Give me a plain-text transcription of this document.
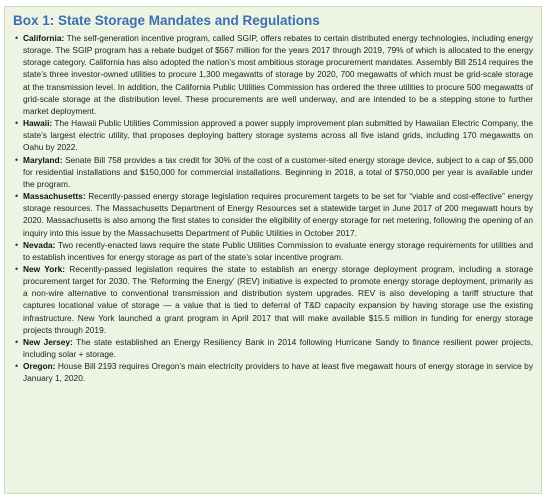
Box 1: State Storage Mandates and Regulations
• California: The self-generation incentive program, called SGIP, offers rebates to certain distributed energy technologies, including energy storage. The SGIP program has a rebate budget of $567 million for the years 2017 through 2019, 79% of which is allocated to the energy storage category. California has also adopted the nation’s most ambitious storage procurement mandates. Assembly Bill 2514 requires the state’s three investor-owned utilities to procure 1,300 megawatts of storage by 2020, 700 megawatts of which must be grid-scale storage at the transmission level. In addition, the California Public Utilities Commission has ordered the three utilities to procure 500 megawatts of grid-scale storage at the distribution level. These procurements are well underway, and are intended to be a stepping stone to further market deployment.
• Hawaii: The Hawaii Public Utilities Commission approved a power supply improvement plan submitted by Hawaiian Electric Company, the state’s largest electric utility, that proposes deploying battery storage systems across all five island grids, including 170 megawatts on Oahu by 2022.
• Maryland: Senate Bill 758 provides a tax credit for 30% of the cost of a customer-sited energy storage device, subject to a cap of $5,000 for residential installations and $150,000 for commercial installations. Beginning in 2018, a total of $750,000 per year is available under the program.
• Massachusetts: Recently-passed energy storage legislation requires procurement targets to be set for “viable and cost-effective” energy storage resources. The Massachusetts Department of Energy Resources set a statewide target in June 2017 of 200 megawatt hours by 2020. Massachusetts is also among the first states to consider the eligibility of energy storage for net metering, following the opening of an inquiry into this issue by the Massachusetts Department of Public Utilities in October 2017.
• Nevada: Two recently-enacted laws require the state Public Utilities Commission to evaluate energy storage requirements for utilities and to establish incentives for energy storage as part of the state’s solar incentive program.
• New York: Recently-passed legislation requires the state to establish an energy storage deployment program, including a storage procurement target for 2030. The ‘Reforming the Energy’ (REV) initiative is expected to promote energy storage deployment, primarily as a non-wire alternative to conventional transmission and distribution system upgrades. REV is also developing a tariff structure that captures locational value of storage — a value that is tied to deferral of T&D capacity expansion by having storage use the existing infrastructure. New York launched a grant program in April 2017 that will make available $15.5 million in funding for energy storage projects through 2019.
• New Jersey: The state established an Energy Resiliency Bank in 2014 following Hurricane Sandy to finance resilient power projects, including solar + storage.
• Oregon: House Bill 2193 requires Oregon’s main electricity providers to have at least five megawatt hours of energy storage in service by January 1, 2020.
